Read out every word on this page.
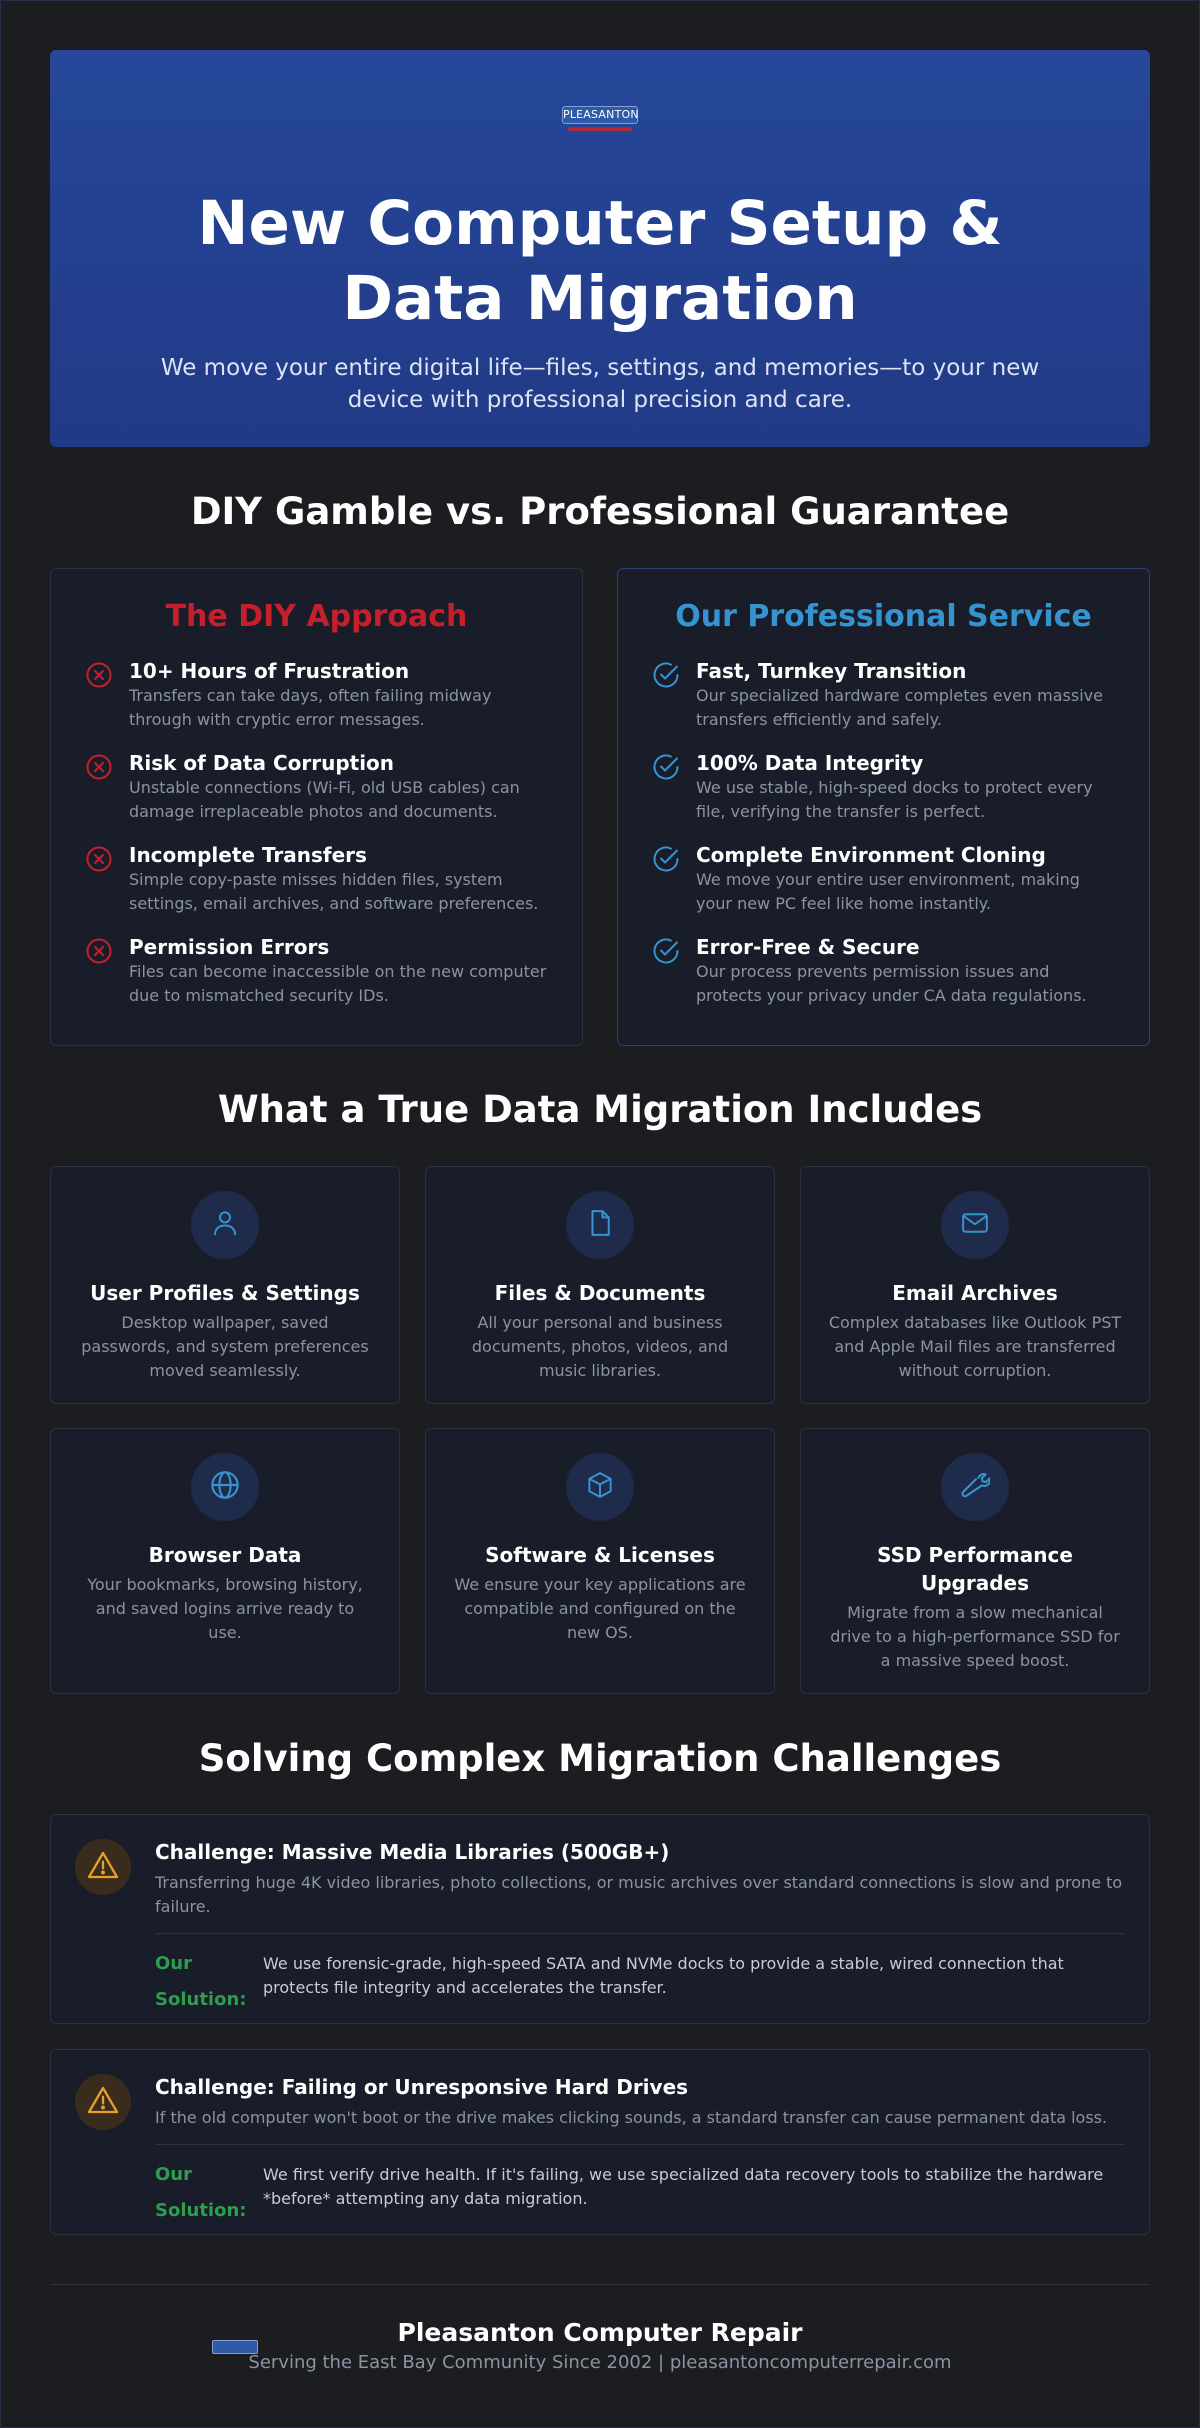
PLEASANTON
New Computer Setup & Data Migration

We move your entire digital life—files, settings, and memories—to your new device with professional precision and care.

DIY Gamble vs. Professional Guarantee
The DIY Approach
10+ Hours of Frustration
Transfers can take days, often failing midway through with cryptic error messages.
Risk of Data Corruption
Unstable connections (Wi-Fi, old USB cables) can damage irreplaceable photos and documents.
Incomplete Transfers
Simple copy-paste misses hidden files, system settings, email archives, and software preferences.
Permission Errors
Files can become inaccessible on the new computer due to mismatched security IDs.
Our Professional Service
Fast, Turnkey Transition
Our specialized hardware completes even massive transfers efficiently and safely.
100% Data Integrity
We use stable, high-speed docks to protect every file, verifying the transfer is perfect.
Complete Environment Cloning
We move your entire user environment, making your new PC feel like home instantly.
Error-Free & Secure
Our process prevents permission issues and protects your privacy under CA data regulations.
What a True Data Migration Includes
User Profiles & Settings
Desktop wallpaper, saved passwords, and system preferences moved seamlessly.
Files & Documents
All your personal and business documents, photos, videos, and music libraries.
Email Archives
Complex databases like Outlook PST and Apple Mail files are transferred without corruption.
Browser Data
Your bookmarks, browsing history, and saved logins arrive ready to use.
Software & Licenses
We ensure your key applications are compatible and configured on the new OS.
SSD Performance Upgrades
Migrate from a slow mechanical drive to a high-performance SSD for a massive speed boost.
Solving Complex Migration Challenges
Challenge: Massive Media Libraries (500GB+)
Transferring huge 4K video libraries, photo collections, or music archives over standard connections is slow and prone to failure.
Our Solution:
We use forensic-grade, high-speed SATA and NVMe docks to provide a stable, wired connection that protects file integrity and accelerates the transfer.
Challenge: Failing or Unresponsive Hard Drives
If the old computer won't boot or the drive makes clicking sounds, a standard transfer can cause permanent data loss.
Our Solution:
We first verify drive health. If it's failing, we use specialized data recovery tools to stabilize the hardware *before* attempting any data migration.
Pleasanton Computer Repair
Serving the East Bay Community Since 2002 | pleasantoncomputerrepair.com
